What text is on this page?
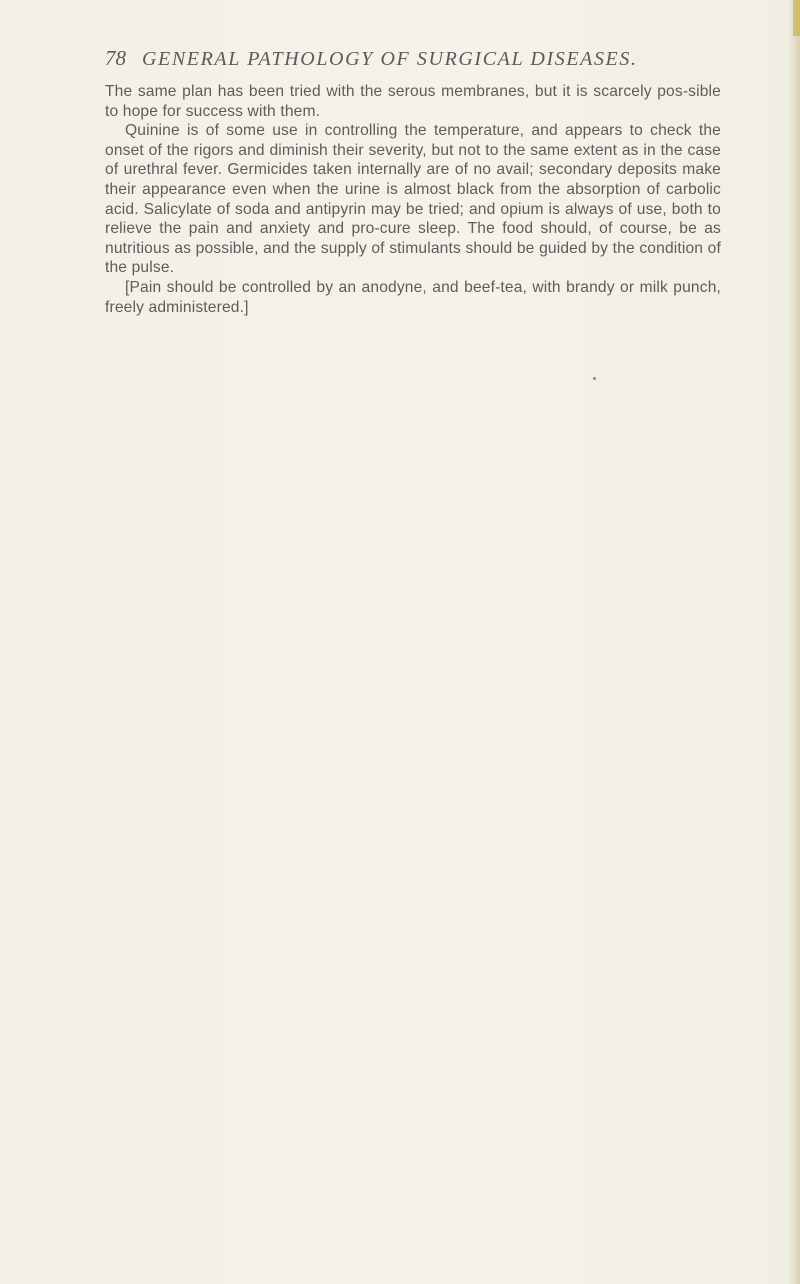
78 GENERAL PATHOLOGY OF SURGICAL DISEASES.

The same plan has been tried with the serous membranes, but it is scarcely pos-sible to hope for success with them.

Quinine is of some use in controlling the temperature, and appears to check the onset of the rigors and diminish their severity, but not to the same extent as in the case of urethral fever. Germicides taken internally are of no avail; secondary deposits make their appearance even when the urine is almost black from the absorption of carbolic acid. Salicylate of soda and antipyrin may be tried; and opium is always of use, both to relieve the pain and anxiety and pro-cure sleep. The food should, of course, be as nutritious as possible, and the supply of stimulants should be guided by the condition of the pulse.

[Pain should be controlled by an anodyne, and beef-tea, with brandy or milk punch, freely administered.]
